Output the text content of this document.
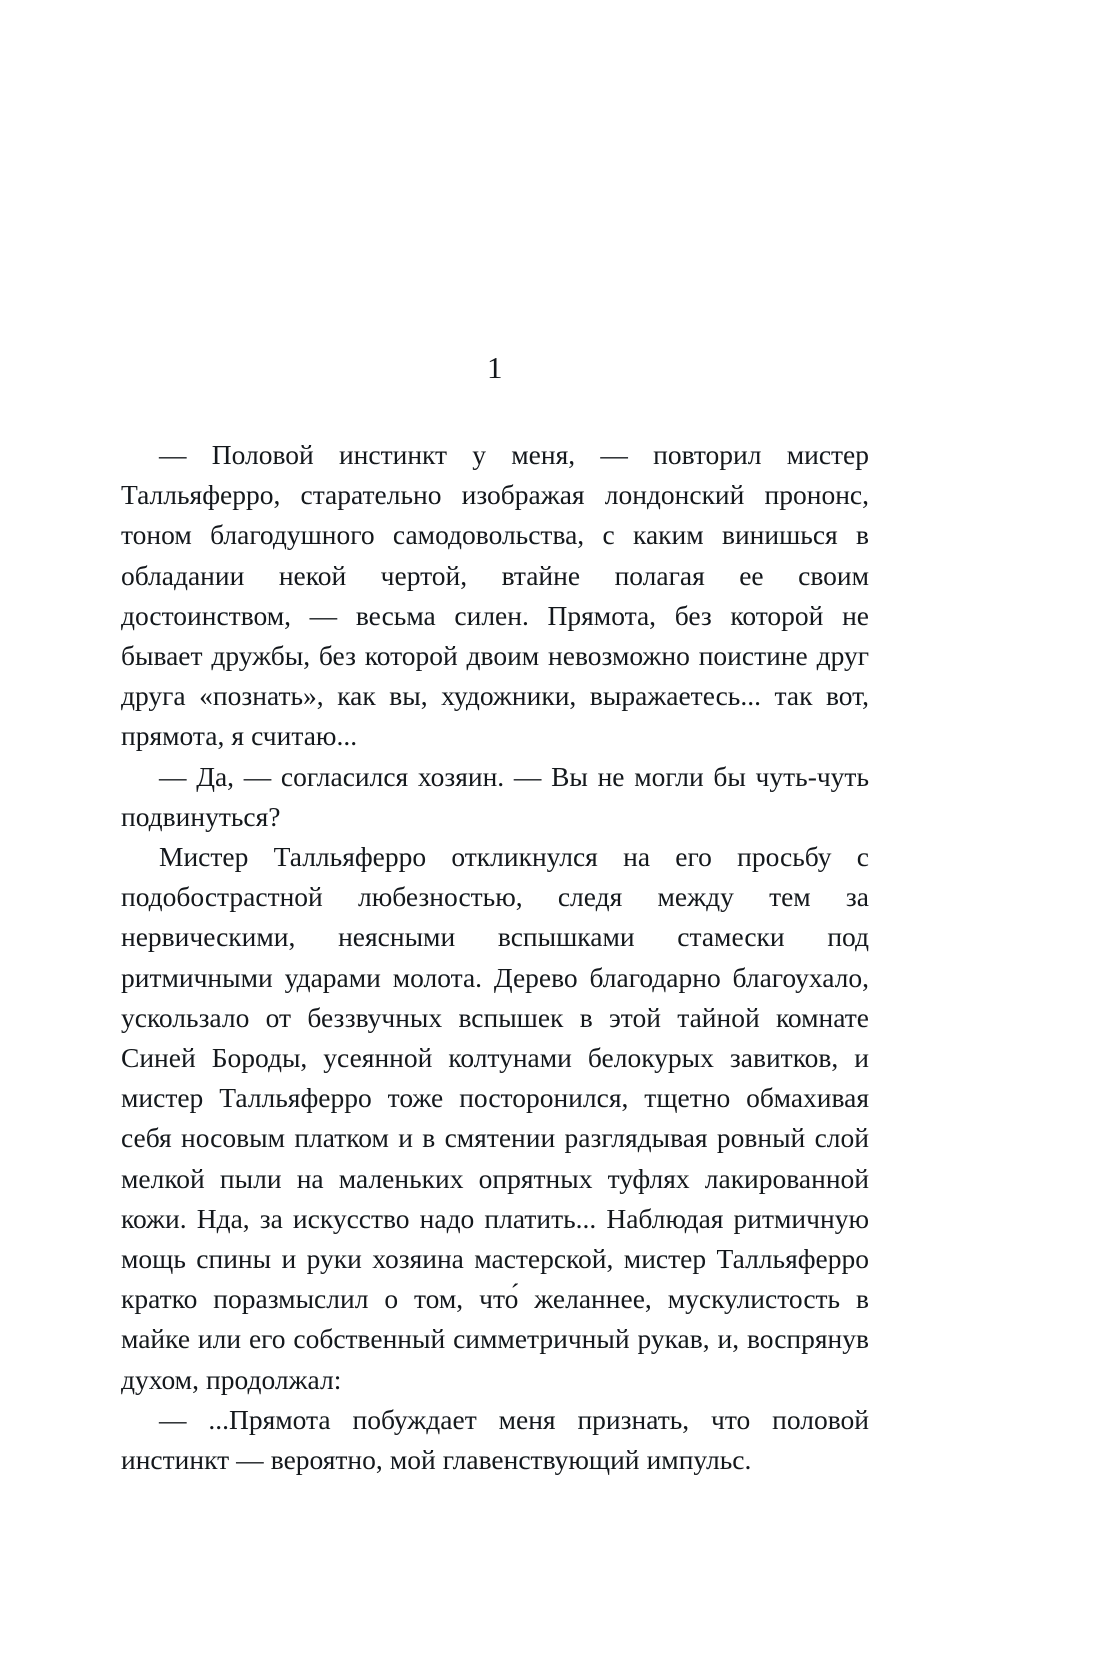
1

— Половой инстинкт у меня, — повторил мистер Талльяферро, старательно изображая лондонский прононс, тоном благодушного самодовольства, с каким винишься в обладании некой чертой, втайне полагая ее своим достоинством, — весьма силен. Прямота, без которой не бывает дружбы, без которой двоим невозможно поистине друг друга «познать», как вы, художники, выражаетесь... так вот, прямота, я считаю...

— Да, — согласился хозяин. — Вы не могли бы чуть-чуть подвинуться?

Мистер Талльяферро откликнулся на его просьбу с подобострастной любезностью, следя между тем за нервическими, неясными вспышками стамески под ритмичными ударами молота. Дерево благодарно благоухало, ускользало от беззвучных вспышек в этой тайной комнате Синей Бороды, усеянной колтунами белокурых завитков, и мистер Талльяферро тоже посторонился, тщетно обмахивая себя носовым платком и в смятении разглядывая ровный слой мелкой пыли на маленьких опрятных туфлях лакированной кожи. Нда, за искусство надо платить... Наблюдая ритмичную мощь спины и руки хозяина мастерской, мистер Талльяферро кратко поразмыслил о том, что́ желаннее, мускулистость в майке или его собственный симметричный рукав, и, воспрянув духом, продолжал:

— ...Прямота побуждает меня признать, что половой инстинкт — вероятно, мой главенствующий импульс.
